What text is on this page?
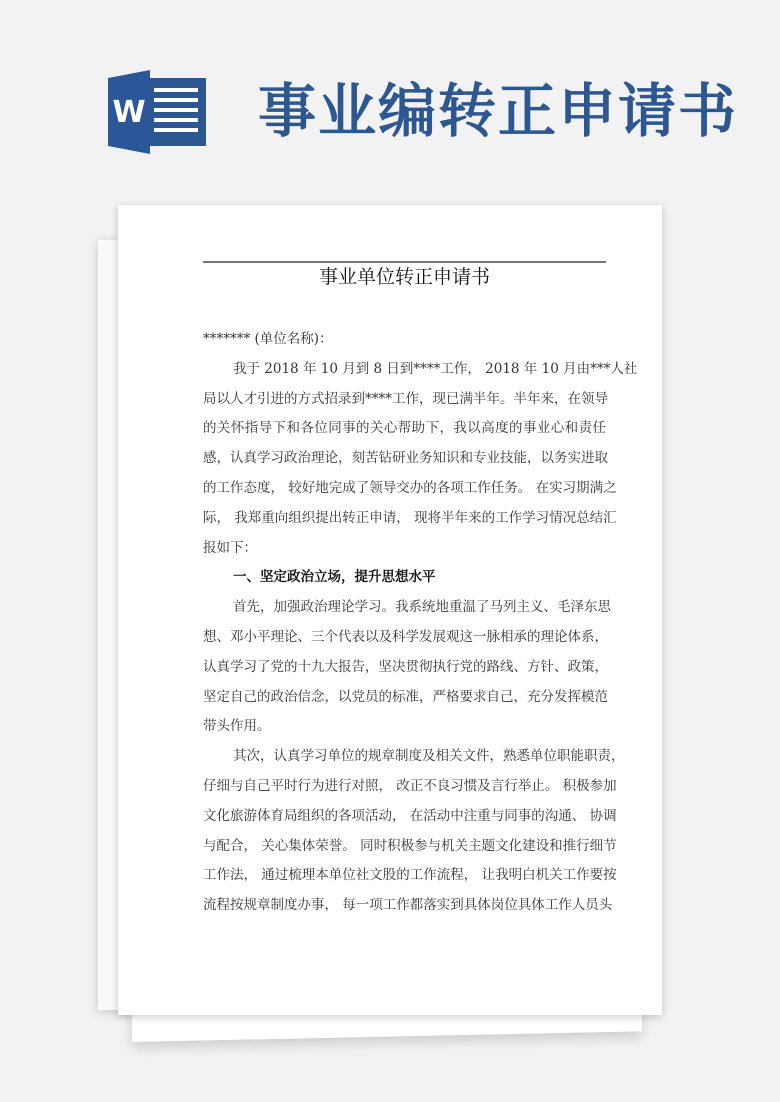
W 事业编转正申请书
事业单位转正申请书
******* (单位名称)：
我于 2018 年 10 月到 8 日到****工作， 2018 年 10 月由***人社
局以人才引进的方式招录到****工作，现已满半年。半年来，在领导
的关怀指导下和各位同事的关心帮助下，我以高度的事业心和责任
感，认真学习政治理论，刻苦钻研业务知识和专业技能，以务实进取
的工作态度， 较好地完成了领导交办的各项工作任务。 在实习期满之
际， 我郑重向组织提出转正申请， 现将半年来的工作学习情况总结汇
报如下：
一、坚定政治立场，提升思想水平
首先，加强政治理论学习。我系统地重温了马列主义、毛泽东思
想、邓小平理论、三个代表以及科学发展观这一脉相承的理论体系，
认真学习了党的十九大报告，坚决贯彻执行党的路线、方针、政策，
坚定自己的政治信念，以党员的标准，严格要求自己，充分发挥模范
带头作用。
其次，认真学习单位的规章制度及相关文件，熟悉单位职能职责，
仔细与自己平时行为进行对照， 改正不良习惯及言行举止。 积极参加
文化旅游体育局组织的各项活动， 在活动中注重与同事的沟通、 协调
与配合， 关心集体荣誉。 同时积极参与机关主题文化建设和推行细节
工作法， 通过梳理本单位社文股的工作流程， 让我明白机关工作要按
流程按规章制度办事， 每一项工作都落实到具体岗位具体工作人员头
